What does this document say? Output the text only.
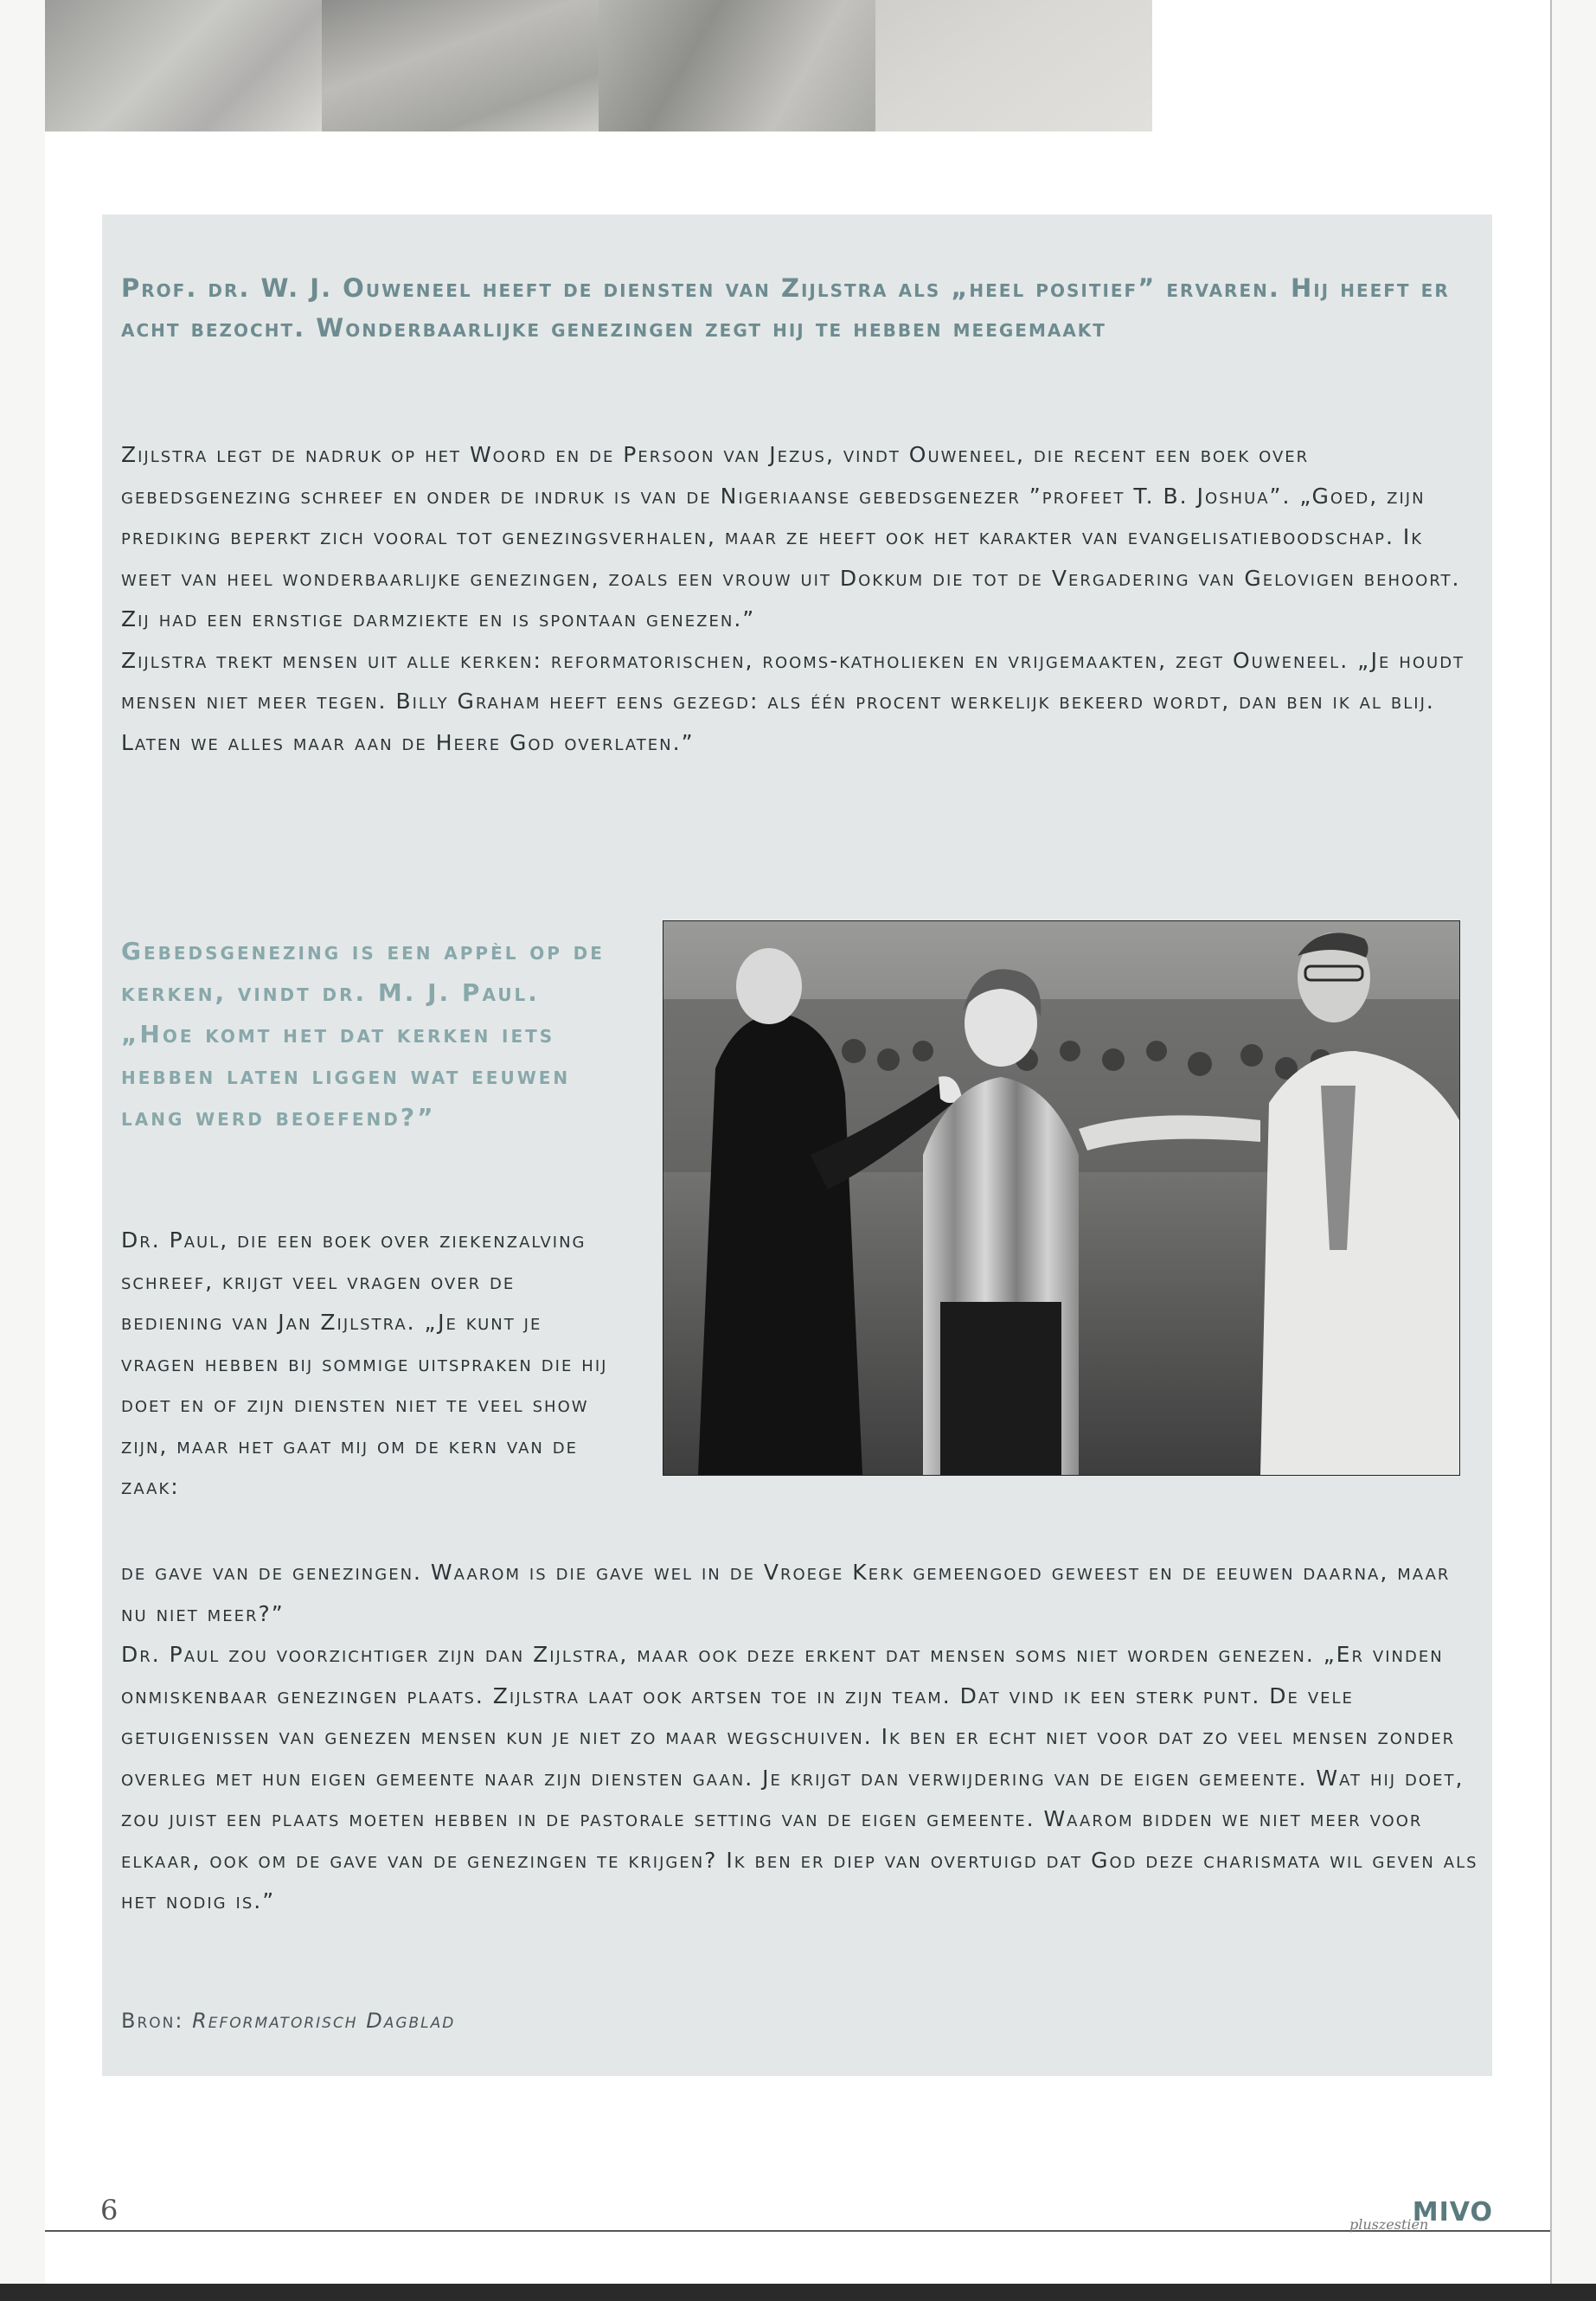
Prof. dr. W. J. Ouweneel heeft de diensten van Zijlstra als „heel positief” ervaren. Hij heeft er acht bezocht. Wonderbaarlijke genezingen zegt hij te hebben meegemaakt

Zijlstra legt de nadruk op het Woord en de Persoon van Jezus, vindt Ouweneel, die recent een boek over gebedsgenezing schreef en onder de indruk is van de Nigeriaanse gebedsgenezer ”profeet T. B. Joshua”. „Goed, zijn prediking beperkt zich vooral tot genezingsverhalen, maar ze heeft ook het karakter van evangelisatieboodschap. Ik weet van heel wonderbaarlijke genezingen, zoals een vrouw uit Dokkum die tot de Vergadering van Gelovigen behoort. Zij had een ernstige darmziekte en is spontaan genezen.”

Zijlstra trekt mensen uit alle kerken: reformatorischen, rooms-katholieken en vrijgemaakten, zegt Ouweneel. „Je houdt mensen niet meer tegen. Billy Graham heeft eens gezegd: als één procent werkelijk bekeerd wordt, dan ben ik al blij. Laten we alles maar aan de Heere God overlaten.”

Gebedsgenezing is een appèl op de kerken, vindt dr. M. J. Paul. „Hoe komt het dat kerken iets hebben laten liggen wat eeuwen lang werd beoefend?”
Dr. Paul, die een boek over ziekenzalving schreef, krijgt veel vragen over de bediening van Jan Zijlstra. „Je kunt je vragen hebben bij sommige uitspraken die hij doet en of zijn diensten niet te veel show zijn, maar het gaat mij om de kern van de zaak:

de gave van de genezingen. Waarom is die gave wel in de Vroege Kerk gemeengoed geweest en de eeuwen daarna, maar nu niet meer?”

Dr. Paul zou voorzichtiger zijn dan Zijlstra, maar ook deze erkent dat mensen soms niet worden genezen. „Er vinden onmiskenbaar genezingen plaats. Zijlstra laat ook artsen toe in zijn team. Dat vind ik een sterk punt. De vele getuigenissen van genezen mensen kun je niet zo maar wegschuiven. Ik ben er echt niet voor dat zo veel mensen zonder overleg met hun eigen gemeente naar zijn diensten gaan. Je krijgt dan verwijdering van de eigen gemeente. Wat hij doet, zou juist een plaats moeten hebben in de pastorale setting van de eigen gemeente. Waarom bidden we niet meer voor elkaar, ook om de gave van de genezingen te krijgen? Ik ben er diep van overtuigd dat God deze charismata wil geven als het nodig is.”

Bron: Reformatorisch Dagblad
6	MIVO
pluszestien
